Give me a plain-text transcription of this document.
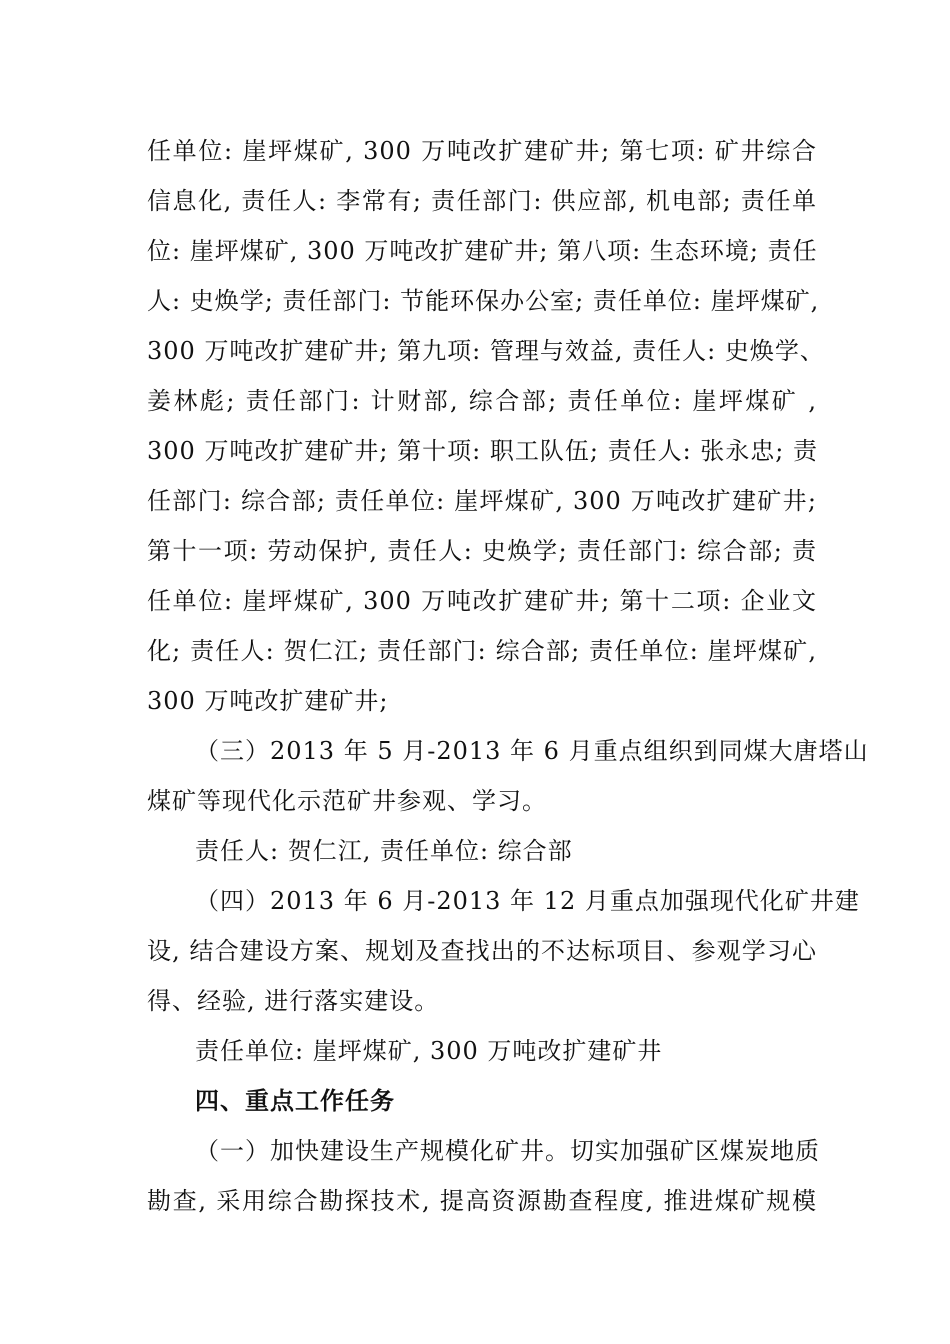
任单位: 崖坪煤矿, 300 万吨改扩建矿井; 第七项: 矿井综合
信息化, 责任人: 李常有; 责任部门: 供应部, 机电部; 责任单
位: 崖坪煤矿, 300 万吨改扩建矿井; 第八项: 生态环境; 责任
人: 史焕学; 责任部门: 节能环保办公室; 责任单位: 崖坪煤矿,
300 万吨改扩建矿井; 第九项: 管理与效益, 责任人: 史焕学、
姜林彪; 责任部门: 计财部, 综合部; 责任单位: 崖坪煤矿 ,
300 万吨改扩建矿井; 第十项: 职工队伍; 责任人: 张永忠; 责
任部门: 综合部; 责任单位: 崖坪煤矿, 300 万吨改扩建矿井;
第十一项: 劳动保护, 责任人: 史焕学; 责任部门: 综合部; 责
任单位: 崖坪煤矿, 300 万吨改扩建矿井; 第十二项: 企业文
化; 责任人: 贺仁江; 责任部门: 综合部; 责任单位: 崖坪煤矿,
300 万吨改扩建矿井;
（三）2013 年 5 月-2013 年 6 月重点组织到同煤大唐塔山
煤矿等现代化示范矿井参观、学习。
责任人: 贺仁江, 责任单位: 综合部
（四）2013 年 6 月-2013 年 12 月重点加强现代化矿井建
设, 结合建设方案、规划及查找出的不达标项目、参观学习心
得、经验, 进行落实建设。
责任单位: 崖坪煤矿, 300 万吨改扩建矿井
四、重点工作任务
（一）加快建设生产规模化矿井。切实加强矿区煤炭地质
勘查, 采用综合勘探技术, 提高资源勘查程度, 推进煤矿规模
